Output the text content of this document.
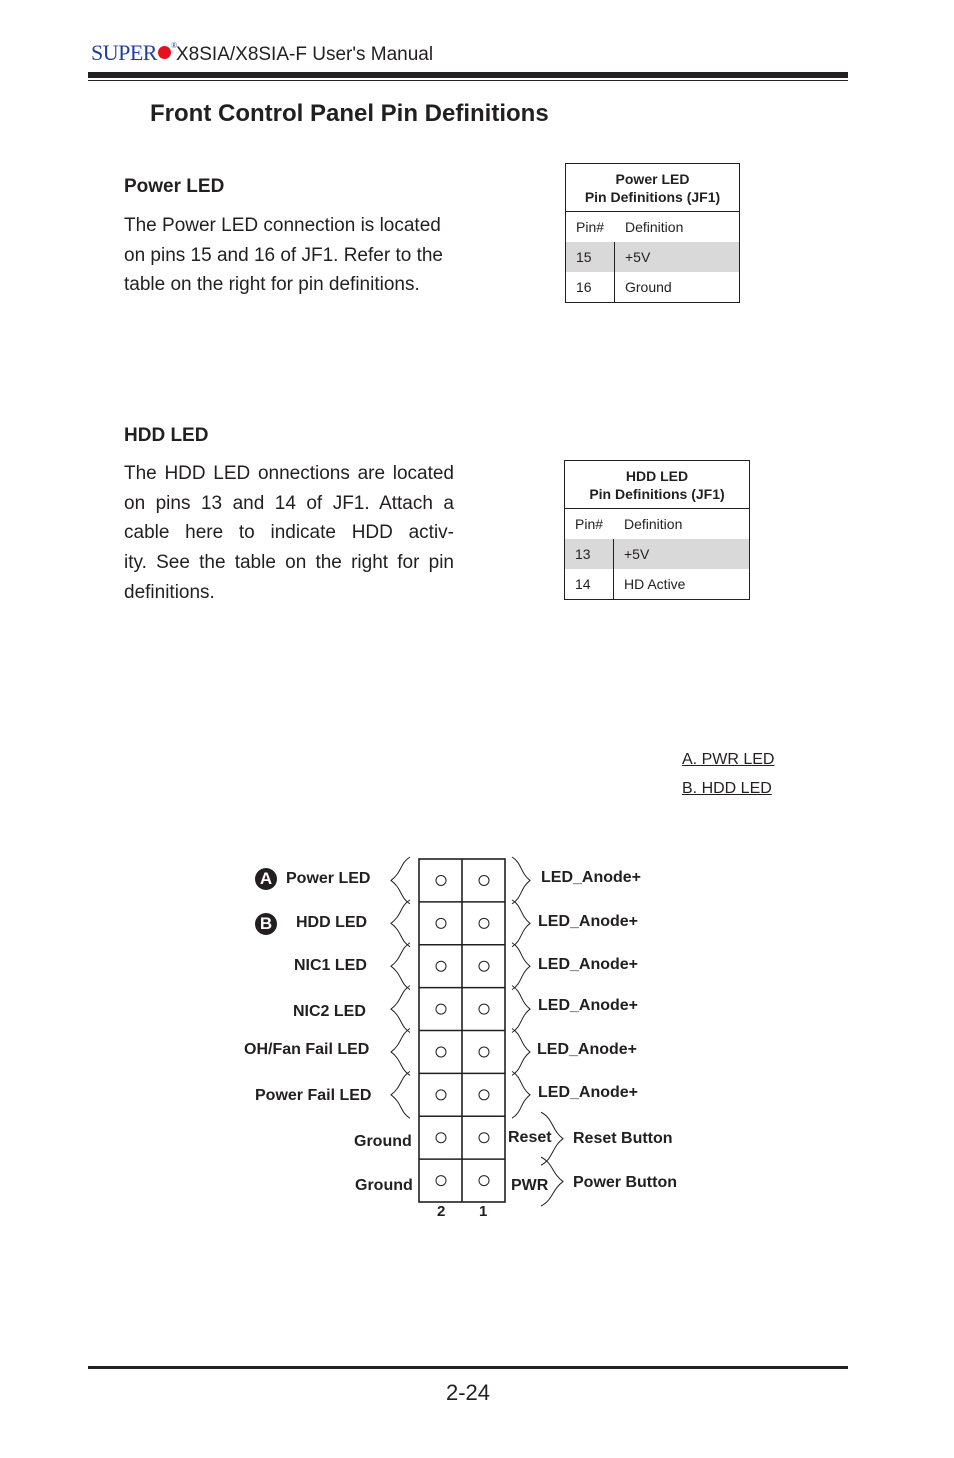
SUPER ® X8SIA/X8SIA-F User's Manual
Front Control Panel Pin Definitions
Power LED
The Power LED connection is located
on pins 15 and 16 of JF1. Refer to the
table on the right for pin definitions.
Power LED
Pin Definitions (JF1)
Pin#	Definition
15	+5V
16	Ground
HDD LED
The HDD LED onnections are located
on pins 13 and 14 of JF1. Attach a
cable here to indicate HDD activ-
ity. See the table on the right for pin
definitions.
HDD LED
Pin Definitions (JF1)
Pin#	Definition
13	+5V
14	HD Active
A. PWR LED
B. HDD LED
A
B
Power LED
HDD LED
NIC1 LED
NIC2 LED
OH/Fan Fail LED
Power Fail LED
Ground
Ground
LED_Anode+
LED_Anode+
LED_Anode+
LED_Anode+
LED_Anode+
LED_Anode+
Reset
PWR
Reset Button
Power Button
2 1
2-24
